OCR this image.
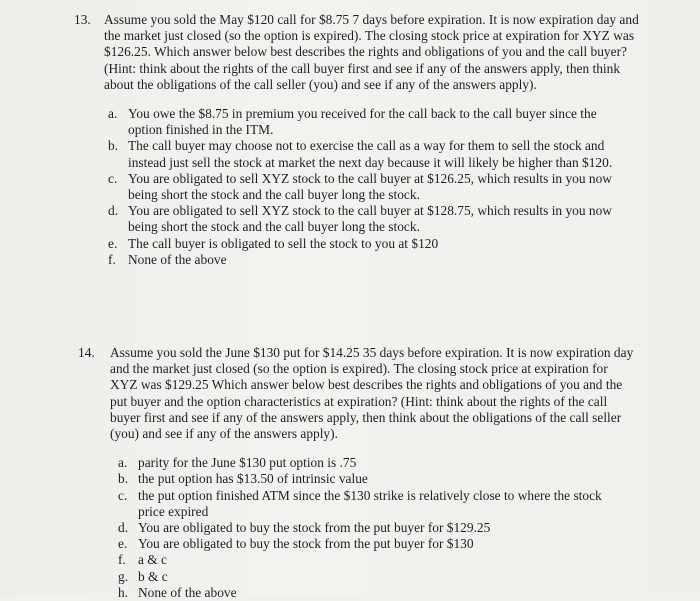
13. Assume you sold the May $120 call for $8.75 7 days before expiration. It is now expiration day and the market just closed (so the option is expired). The closing stock price at expiration for XYZ was $126.25. Which answer below best describes the rights and obligations of you and the call buyer? (Hint: think about the rights of the call buyer first and see if any of the answers apply, then think about the obligations of the call seller (you) and see if any of the answers apply).
a. You owe the $8.75 in premium you received for the call back to the call buyer since the option finished in the ITM.
b. The call buyer may choose not to exercise the call as a way for them to sell the stock and instead just sell the stock at market the next day because it will likely be higher than $120.
c. You are obligated to sell XYZ stock to the call buyer at $126.25, which results in you now being short the stock and the call buyer long the stock.
d. You are obligated to sell XYZ stock to the call buyer at $128.75, which results in you now being short the stock and the call buyer long the stock.
e. The call buyer is obligated to sell the stock to you at $120
f. None of the above
14. Assume you sold the June $130 put for $14.25 35 days before expiration. It is now expiration day and the market just closed (so the option is expired). The closing stock price at expiration for XYZ was $129.25 Which answer below best describes the rights and obligations of you and the put buyer and the option characteristics at expiration? (Hint: think about the rights of the call buyer first and see if any of the answers apply, then think about the obligations of the call seller (you) and see if any of the answers apply).
a. parity for the June $130 put option is .75
b. the put option has $13.50 of intrinsic value
c. the put option finished ATM since the $130 strike is relatively close to where the stock price expired
d. You are obligated to buy the stock from the put buyer for $129.25
e. You are obligated to buy the stock from the put buyer for $130
f. a & c
g. b & c
h. None of the above
